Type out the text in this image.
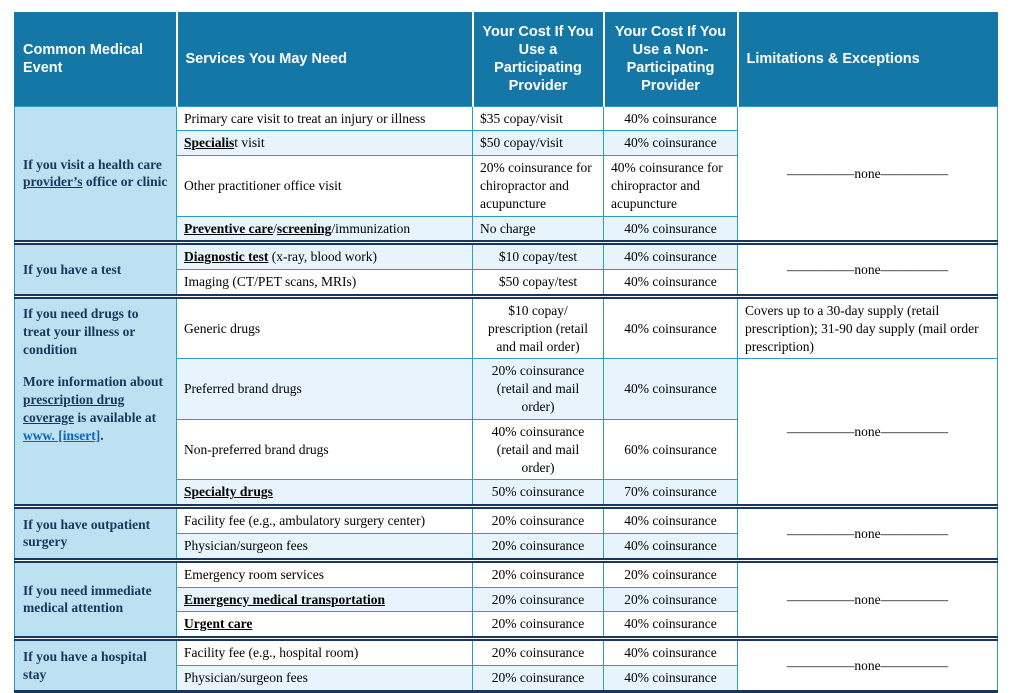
Common Medical Event	Services You May Need	Your Cost If You Use a Participating Provider	Your Cost If You Use a Non-Participating Provider	Limitations & Exceptions
If you visit a health care provider’s office or clinic	Primary care visit to treat an injury or illness	$35 copay/visit	40% coinsurance	—————none—————
	Specialist visit	$50 copay/visit	40% coinsurance	
	Other practitioner office visit	20% coinsurance for chiropractor and acupuncture	40% coinsurance for chiropractor and acupuncture	
	Preventive care/screening/immunization	No charge	40% coinsurance	

If you have a test	Diagnostic test (x-ray, blood work)	$10 copay/test	40% coinsurance	—————none—————
	Imaging (CT/PET scans, MRIs)	$50 copay/test	40% coinsurance	

If you need drugs to treat your illness or condition
More information about prescription drug coverage is available at www. [insert].	Generic drugs	$10 copay/ prescription (retail and mail order)	40% coinsurance	Covers up to a 30-day supply (retail prescription); 31-90 day supply (mail order prescription)
	Preferred brand drugs	20% coinsurance (retail and mail order)	40% coinsurance	—————none—————
	Non-preferred brand drugs	40% coinsurance (retail and mail order)	60% coinsurance	
	Specialty drugs	50% coinsurance	70% coinsurance	

If you have outpatient surgery	Facility fee (e.g., ambulatory surgery center)	20% coinsurance	40% coinsurance	—————none—————
	Physician/surgeon fees	20% coinsurance	40% coinsurance	

If you need immediate medical attention	Emergency room services	20% coinsurance	20% coinsurance	—————none—————
	Emergency medical transportation	20% coinsurance	20% coinsurance	
	Urgent care	20% coinsurance	40% coinsurance	

If you have a hospital stay	Facility fee (e.g., hospital room)	20% coinsurance	40% coinsurance	—————none—————
	Physician/surgeon fees	20% coinsurance	40% coinsurance	
